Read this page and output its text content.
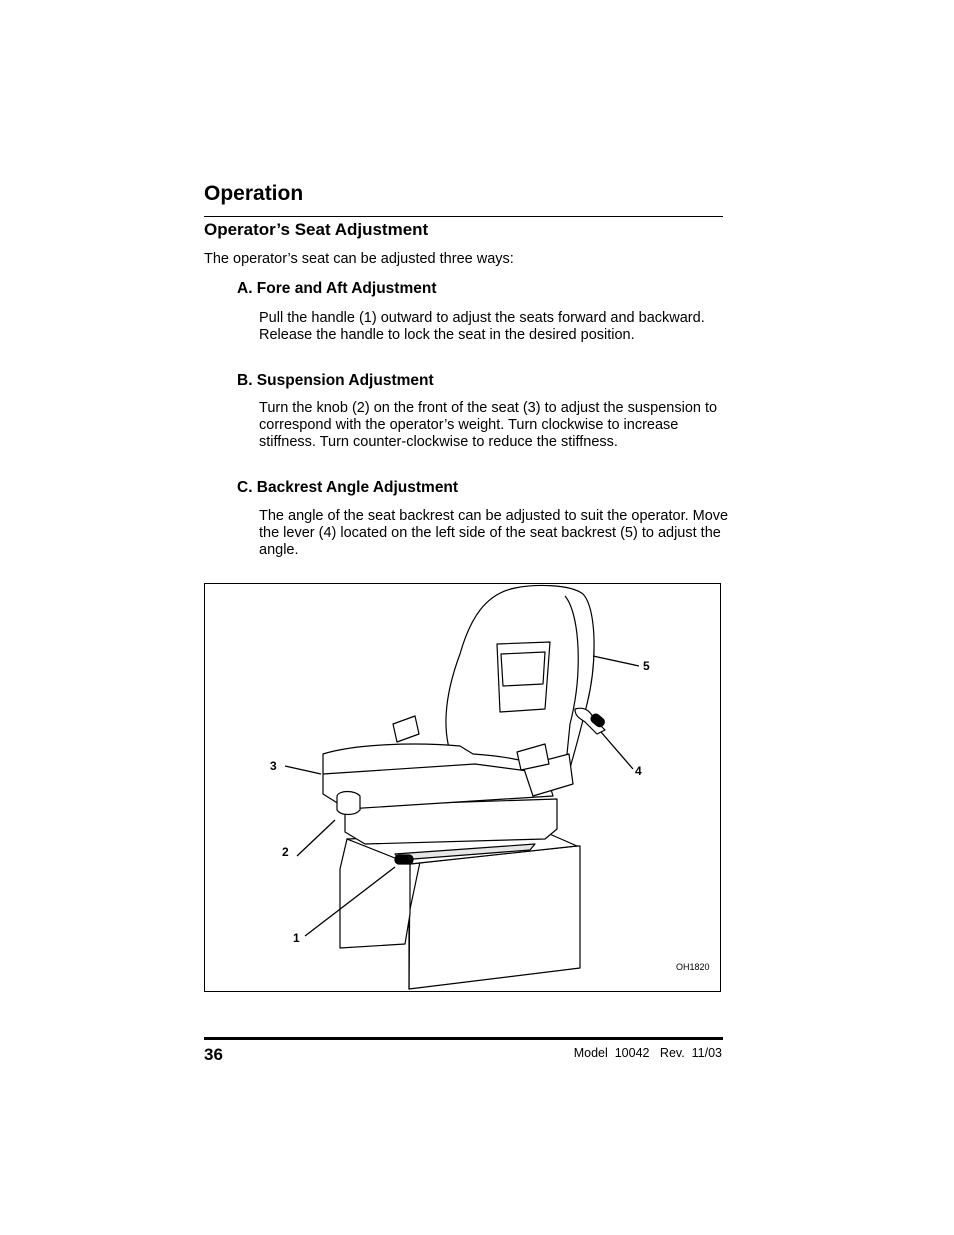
Operation
Operator’s Seat Adjustment

The operator’s seat can be adjusted three ways:

A. Fore and Aft Adjustment

Pull the handle (1) outward to adjust the seats forward and backward. Release the handle to lock the seat in the desired position.

B. Suspension Adjustment

Turn the knob (2) on the front of the seat (3) to adjust the suspension to correspond with the operator’s weight. Turn clockwise to increase stiffness. Turn counter-clockwise to reduce the stiffness.

C. Backrest Angle Adjustment

The angle of the seat backrest can be adjusted to suit the operator. Move the lever (4) located on the left side of the seat backrest (5) to adjust the angle.

1
2
3	4
5
OH1820
36	Model  10042 Rev.  11/03
